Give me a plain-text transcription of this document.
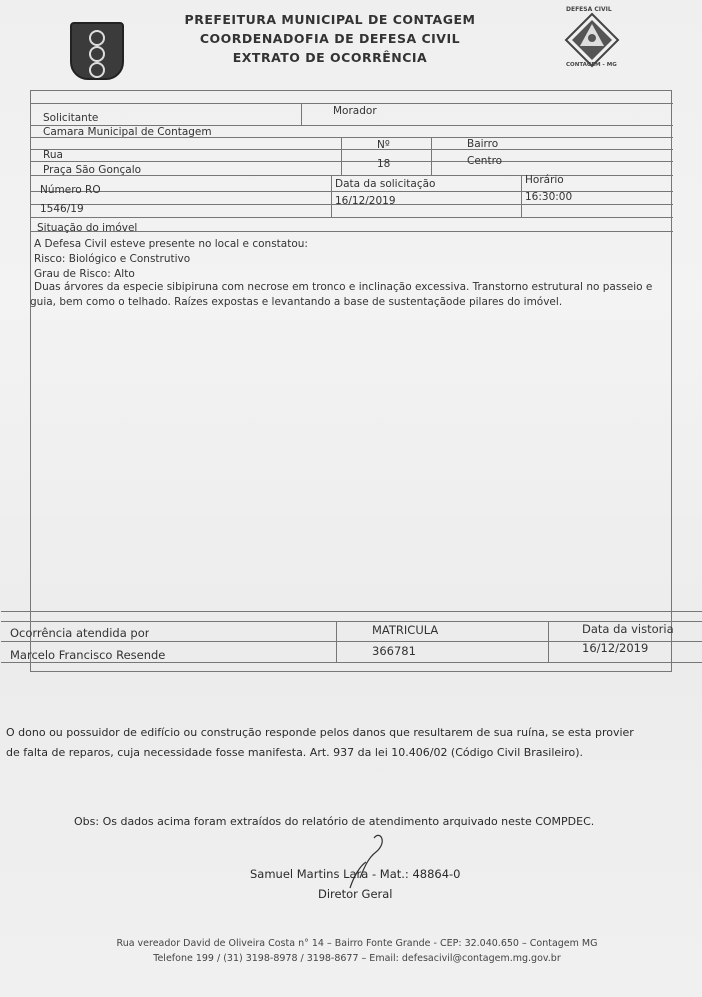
PREFEITURA MUNICIPAL DE CONTAGEM
COORDENADOFIA DE DEFESA CIVIL
EXTRATO DE OCORRÊNCIA
DEFESA CIVIL
CONTAGEM - MG
Solicitante
Morador
Camara Municipal de Contagem
Rua
Praça São Gonçalo
Nº
18
Bairro
Centro
Número RO
1546/19
Data da solicitação
16/12/2019
Horário
16:30:00
Situação do imóvel
A Defesa Civil esteve presente no local e constatou:
Risco: Biológico e Construtivo
Grau de Risco: Alto
Duas árvores da especie sibipiruna com necrose em tronco e inclinação excessiva. Transtorno estrutural no passeio e
guia, bem como o telhado. Raízes expostas e levantando a base de sustentaçãode pilares do imóvel.
Ocorrência atendida por
Marcelo Francisco Resende
MATRICULA
366781
Data da vistoria
16/12/2019
O dono ou possuidor de edifício ou construção responde pelos danos que resultarem de sua ruína, se esta provier
de falta de reparos, cuja necessidade fosse manifesta. Art. 937 da lei 10.406/02 (Código Civil Brasileiro).
Obs: Os dados acima foram extraídos do relatório de atendimento arquivado neste COMPDEC.
Samuel Martins Lara - Mat.: 48864-0
Diretor Geral
Rua vereador David de Oliveira Costa n° 14 – Bairro Fonte Grande - CEP: 32.040.650 – Contagem MG
Telefone 199 / (31) 3198-8978 / 3198-8677 – Email: defesacivil@contagem.mg.gov.br
